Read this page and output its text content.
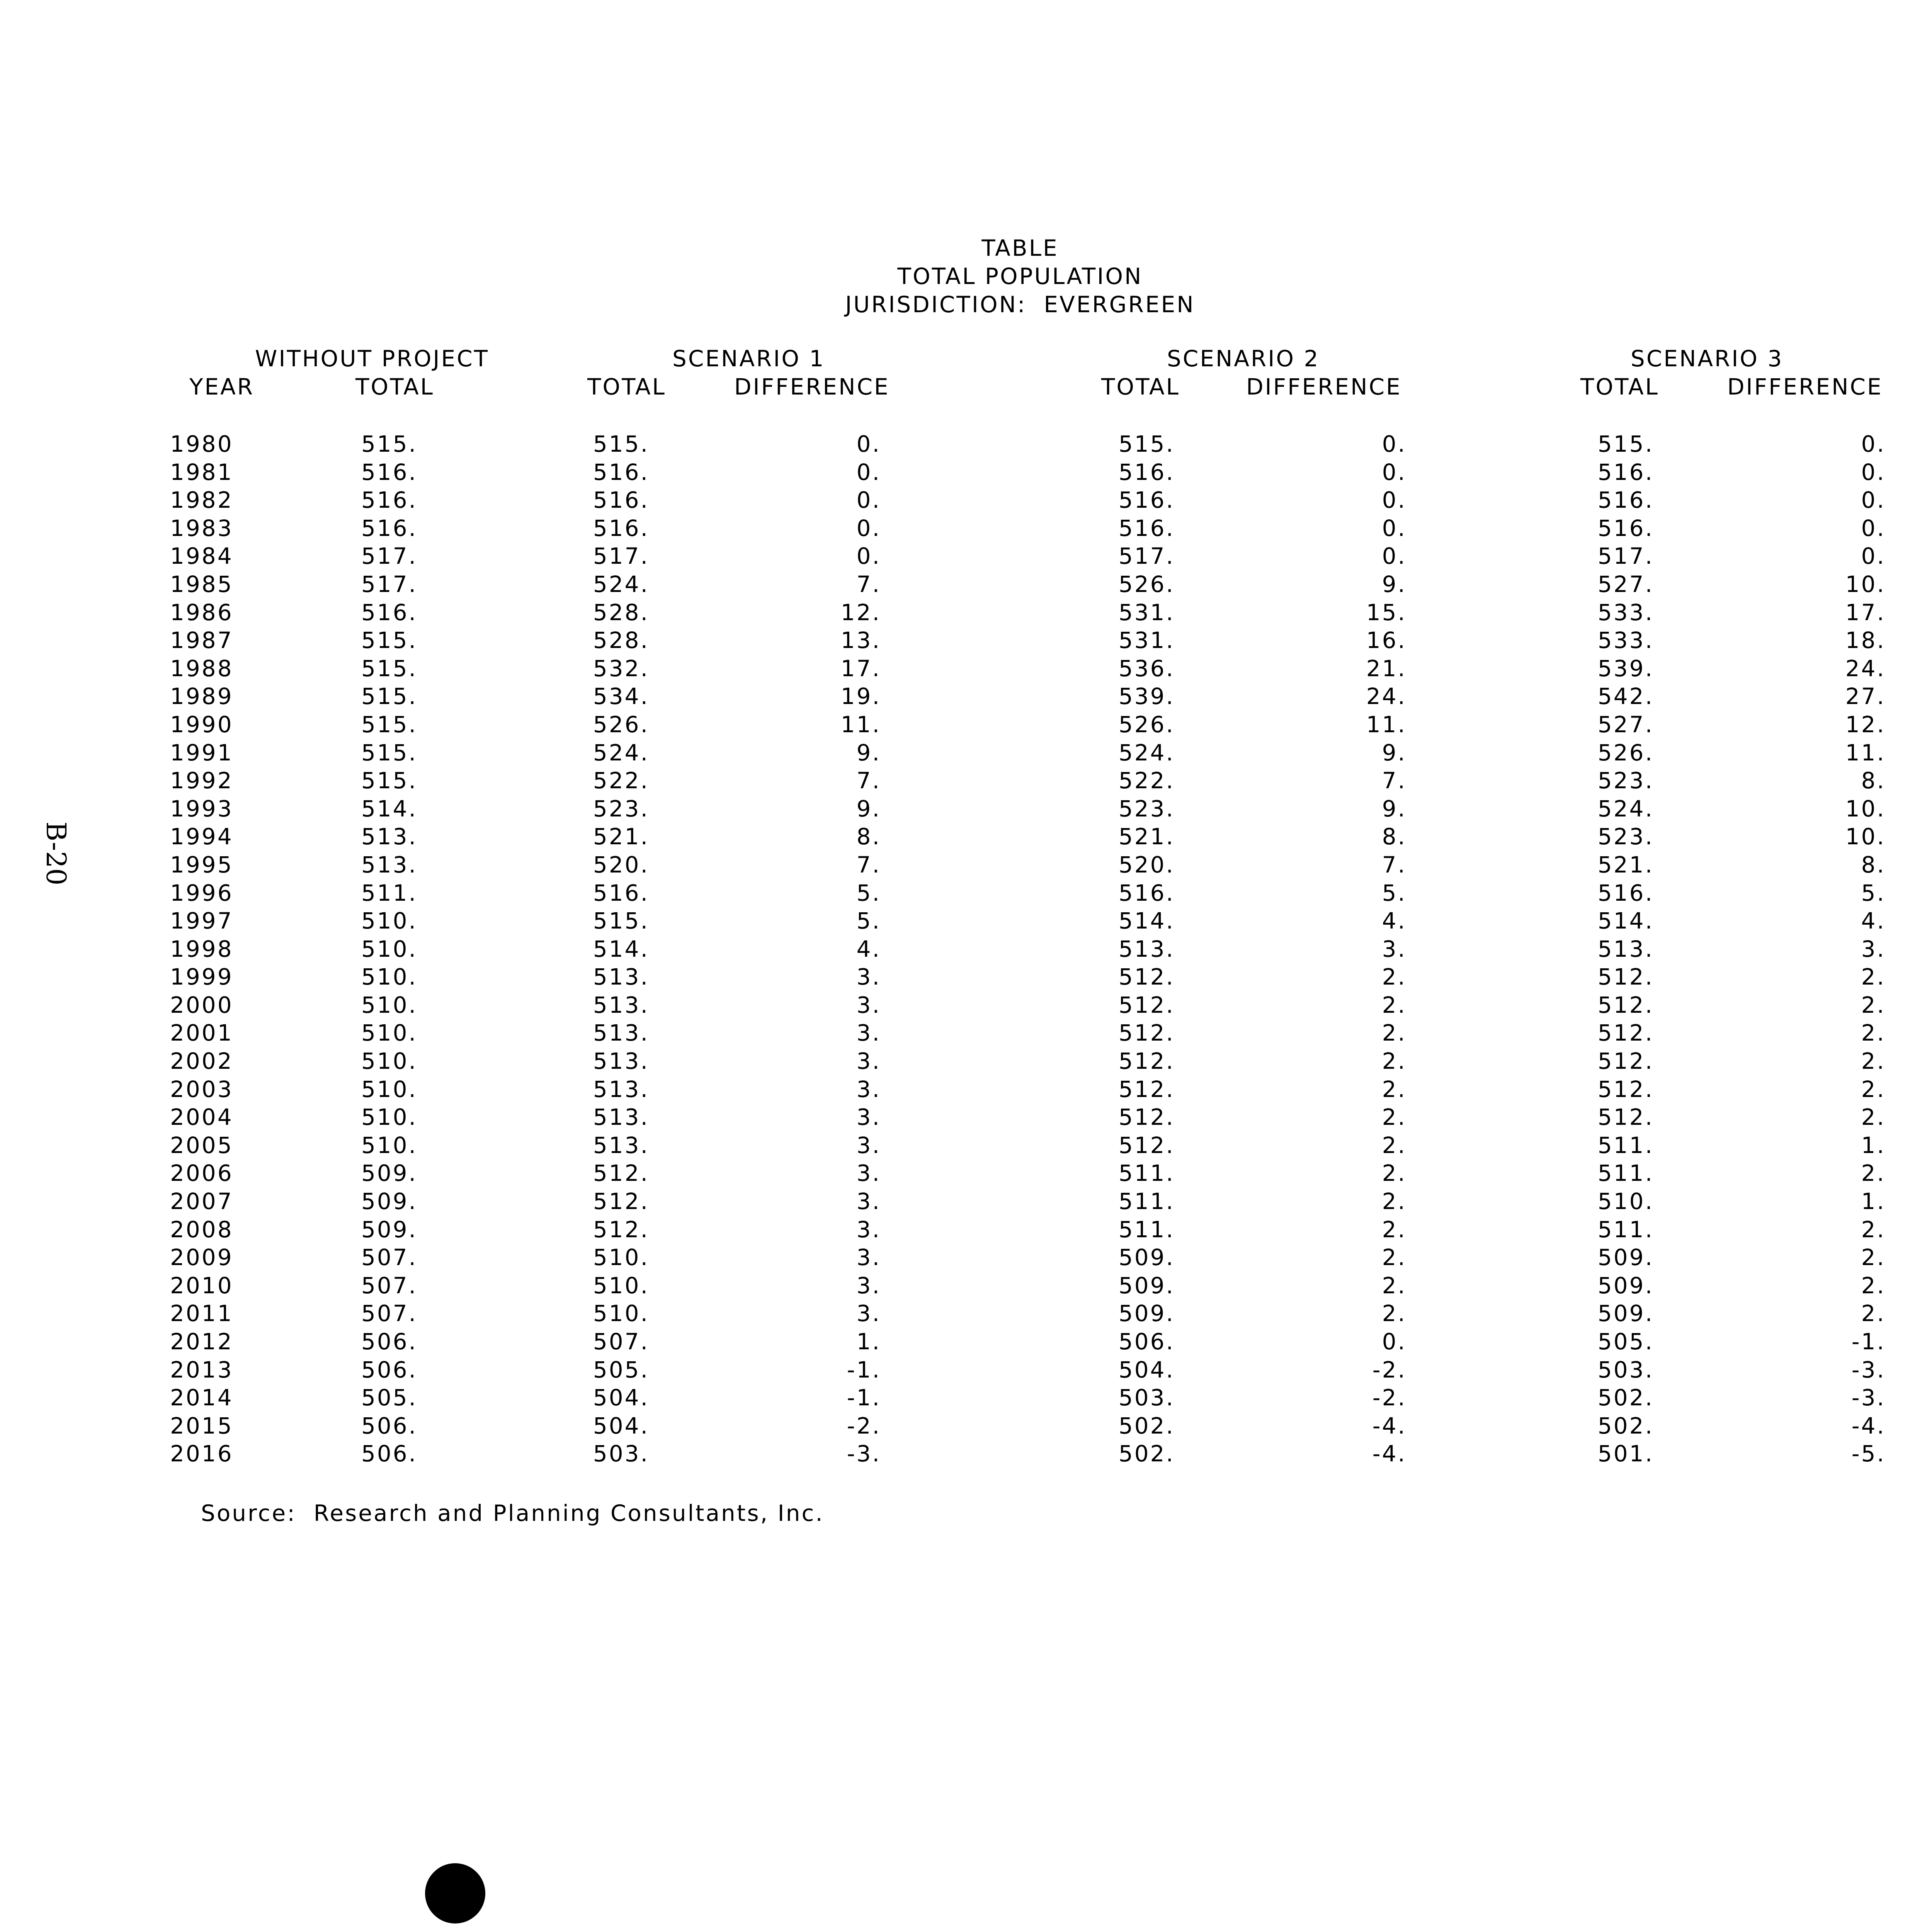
TABLE
TOTAL POPULATION
JURISDICTION:  EVERGREEN
WITHOUT PROJECT	SCENARIO 1	SCENARIO 2	SCENARIO 3
YEAR	TOTAL	TOTAL	DIFFERENCE	TOTAL	DIFFERENCE	TOTAL	DIFFERENCE
1980	515.	515.	0.	515.	0.	515.	0.
1981	516.	516.	0.	516.	0.	516.	0.
1982	516.	516.	0.	516.	0.	516.	0.
1983	516.	516.	0.	516.	0.	516.	0.
1984	517.	517.	0.	517.	0.	517.	0.
1985	517.	524.	7.	526.	9.	527.	10.
1986	516.	528.	12.	531.	15.	533.	17.
1987	515.	528.	13.	531.	16.	533.	18.
1988	515.	532.	17.	536.	21.	539.	24.
1989	515.	534.	19.	539.	24.	542.	27.
1990	515.	526.	11.	526.	11.	527.	12.
1991	515.	524.	9.	524.	9.	526.	11.
1992	515.	522.	7.	522.	7.	523.	8.
1993	514.	523.	9.	523.	9.	524.	10.
1994	513.	521.	8.	521.	8.	523.	10.
1995	513.	520.	7.	520.	7.	521.	8.
1996	511.	516.	5.	516.	5.	516.	5.
1997	510.	515.	5.	514.	4.	514.	4.
1998	510.	514.	4.	513.	3.	513.	3.
1999	510.	513.	3.	512.	2.	512.	2.
2000	510.	513.	3.	512.	2.	512.	2.
2001	510.	513.	3.	512.	2.	512.	2.
2002	510.	513.	3.	512.	2.	512.	2.
2003	510.	513.	3.	512.	2.	512.	2.
2004	510.	513.	3.	512.	2.	512.	2.
2005	510.	513.	3.	512.	2.	511.	1.
2006	509.	512.	3.	511.	2.	511.	2.
2007	509.	512.	3.	511.	2.	510.	1.
2008	509.	512.	3.	511.	2.	511.	2.
2009	507.	510.	3.	509.	2.	509.	2.
2010	507.	510.	3.	509.	2.	509.	2.
2011	507.	510.	3.	509.	2.	509.	2.
2012	506.	507.	1.	506.	0.	505.	-1.
2013	506.	505.	-1.	504.	-2.	503.	-3.
2014	505.	504.	-1.	503.	-2.	502.	-3.
2015	506.	504.	-2.	502.	-4.	502.	-4.
2016	506.	503.	-3.	502.	-4.	501.	-5.
Source:  Research and Planning Consultants, Inc.
B-20
